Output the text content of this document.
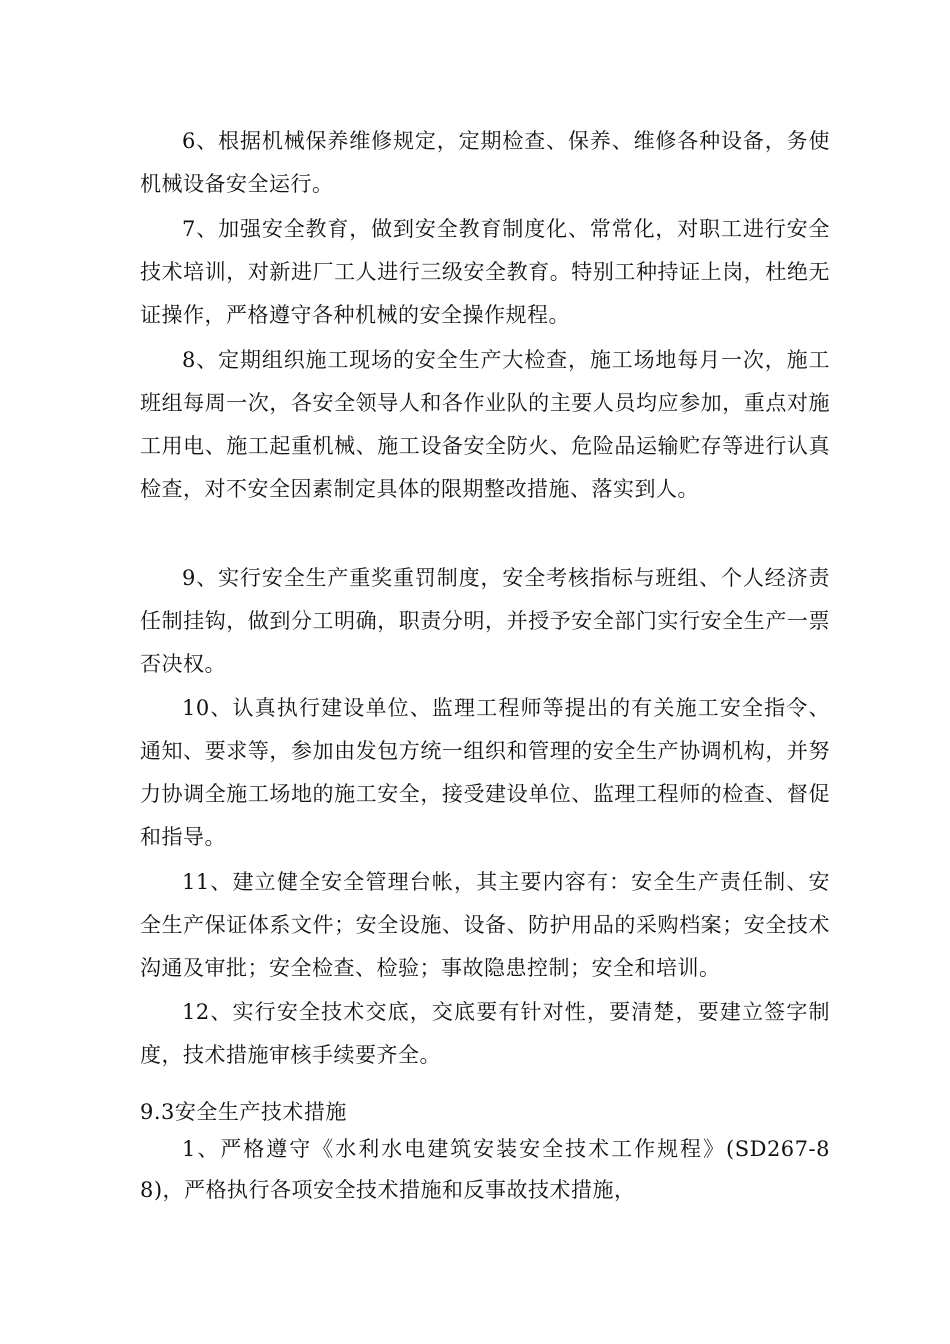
6、根据机械保养维修规定，定期检查、保养、维修各种设备，务使机械设备安全运行。

7、加强安全教育，做到安全教育制度化、常常化，对职工进行安全技术培训，对新进厂工人进行三级安全教育。特别工种持证上岗，杜绝无证操作，严格遵守各种机械的安全操作规程。

8、定期组织施工现场的安全生产大检查，施工场地每月一次，施工班组每周一次，各安全领导人和各作业队的主要人员均应参加，重点对施工用电、施工起重机械、施工设备安全防火、危险品运输贮存等进行认真检查，对不安全因素制定具体的限期整改措施、落实到人。

9、实行安全生产重奖重罚制度，安全考核指标与班组、个人经济责任制挂钩，做到分工明确，职责分明，并授予安全部门实行安全生产一票否决权。

10、认真执行建设单位、监理工程师等提出的有关施工安全指令、通知、要求等，参加由发包方统一组织和管理的安全生产协调机构，并努力协调全施工场地的施工安全，接受建设单位、监理工程师的检查、督促和指导。

11、建立健全安全管理台帐，其主要内容有：安全生产责任制、安全生产保证体系文件；安全设施、设备、防护用品的采购档案；安全技术沟通及审批；安全检查、检验；事故隐患控制；安全和培训。

12、实行安全技术交底，交底要有针对性，要清楚，要建立签字制度，技术措施审核手续要齐全。

9.3安全生产技术措施

1、严格遵守《水利水电建筑安装安全技术工作规程》(SD267-88)，严格执行各项安全技术措施和反事故技术措施，
